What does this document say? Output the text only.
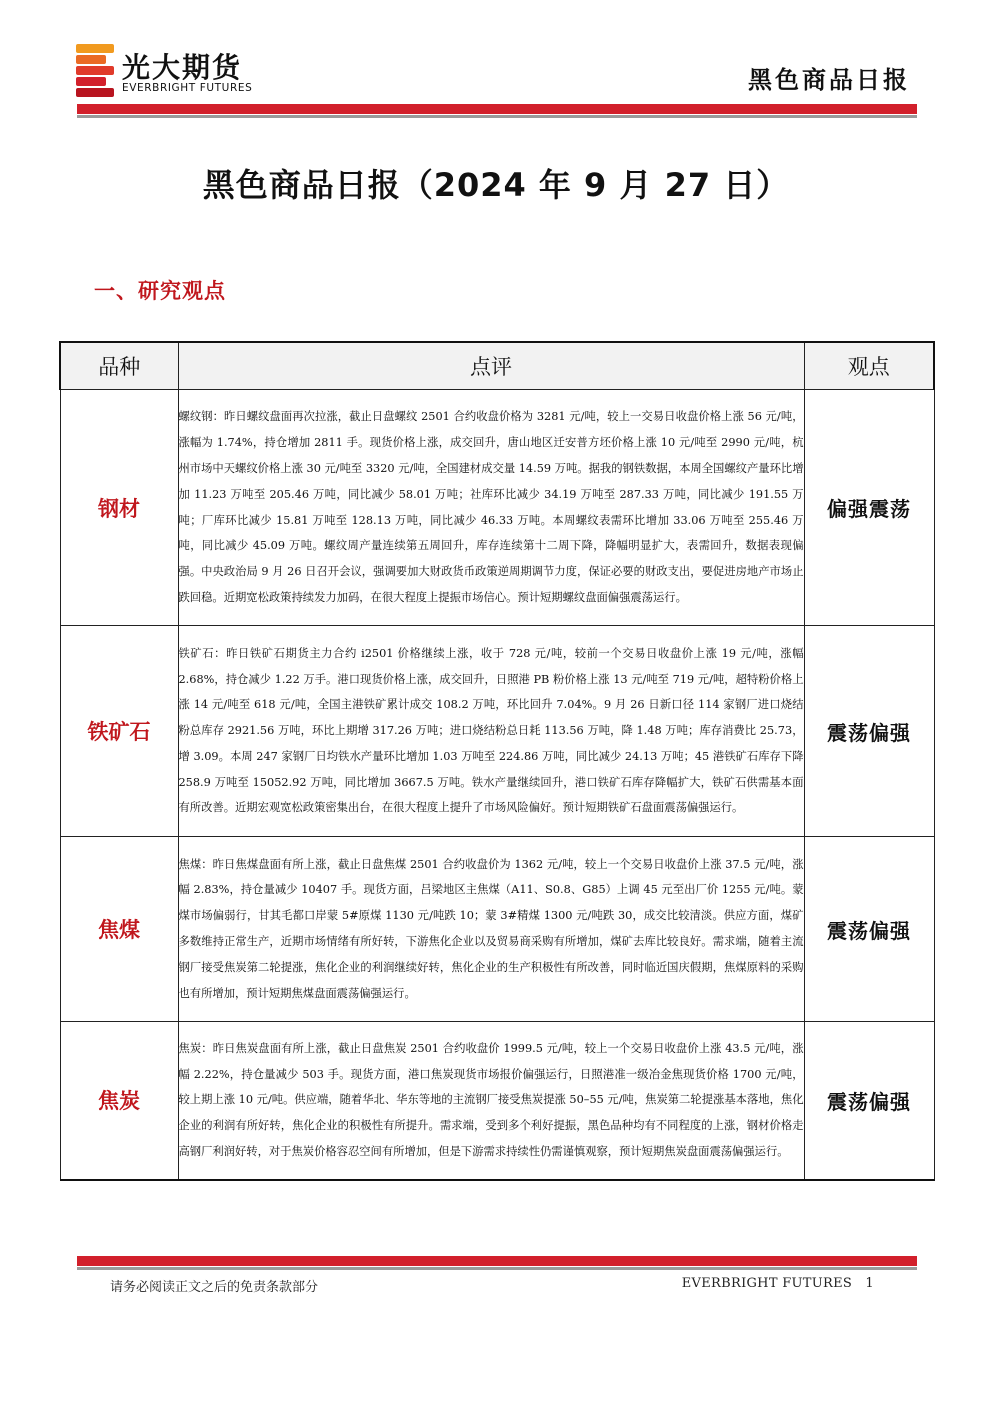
光大期货
EVERBRIGHT FUTURES	黑色商品日报
黑色商品日报（2024 年 9 月 27 日）
一、研究观点
品种	点评	观点
钢材	螺纹钢：昨日螺纹盘面再次拉涨，截止日盘螺纹 2501 合约收盘价格为 3281 元/吨，较上一交易日收盘价格上涨 56 元/吨，涨幅为 1.74%，持仓增加 2811 手。现货价格上涨，成交回升，唐山地区迁安普方坯价格上涨 10 元/吨至 2990 元/吨，杭州市场中天螺纹价格上涨 30 元/吨至 3320 元/吨，全国建材成交量 14.59 万吨。据我的钢铁数据，本周全国螺纹产量环比增加 11.23 万吨至 205.46 万吨，同比减少 58.01 万吨；社库环比减少 34.19 万吨至 287.33 万吨，同比减少 191.55 万吨；厂库环比减少 15.81 万吨至 128.13 万吨，同比减少 46.33 万吨。本周螺纹表需环比增加 33.06 万吨至 255.46 万吨，同比减少 45.09 万吨。螺纹周产量连续第五周回升，库存连续第十二周下降，降幅明显扩大，表需回升，数据表现偏强。中央政治局 9 月 26 日召开会议，强调要加大财政货币政策逆周期调节力度，保证必要的财政支出，要促进房地产市场止跌回稳。近期宽松政策持续发力加码，在很大程度上提振市场信心。预计短期螺纹盘面偏强震荡运行。	偏强震荡
铁矿石	铁矿石：昨日铁矿石期货主力合约 i2501 价格继续上涨，收于 728 元/吨，较前一个交易日收盘价上涨 19 元/吨，涨幅 2.68%，持仓减少 1.22 万手。港口现货价格上涨，成交回升，日照港 PB 粉价格上涨 13 元/吨至 719 元/吨，超特粉价格上涨 14 元/吨至 618 元/吨，全国主港铁矿累计成交 108.2 万吨，环比回升 7.04%。9 月 26 日新口径 114 家钢厂进口烧结粉总库存 2921.56 万吨，环比上期增 317.26 万吨；进口烧结粉总日耗 113.56 万吨，降 1.48 万吨；库存消费比 25.73，增 3.09。本周 247 家钢厂日均铁水产量环比增加 1.03 万吨至 224.86 万吨，同比减少 24.13 万吨；45 港铁矿石库存下降 258.9 万吨至 15052.92 万吨，同比增加 3667.5 万吨。铁水产量继续回升，港口铁矿石库存降幅扩大，铁矿石供需基本面有所改善。近期宏观宽松政策密集出台，在很大程度上提升了市场风险偏好。预计短期铁矿石盘面震荡偏强运行。	震荡偏强
焦煤	焦煤：昨日焦煤盘面有所上涨，截止日盘焦煤 2501 合约收盘价为 1362 元/吨，较上一个交易日收盘价上涨 37.5 元/吨，涨幅 2.83%，持仓量减少 10407 手。现货方面，吕梁地区主焦煤（A11、S0.8、G85）上调 45 元至出厂价 1255 元/吨。蒙煤市场偏弱行，甘其毛都口岸蒙 5#原煤 1130 元/吨跌 10；蒙 3#精煤 1300 元/吨跌 30，成交比较清淡。供应方面，煤矿多数维持正常生产，近期市场情绪有所好转，下游焦化企业以及贸易商采购有所增加，煤矿去库比较良好。需求端，随着主流钢厂接受焦炭第二轮提涨，焦化企业的利润继续好转，焦化企业的生产积极性有所改善，同时临近国庆假期，焦煤原料的采购也有所增加，预计短期焦煤盘面震荡偏强运行。	震荡偏强
焦炭	焦炭：昨日焦炭盘面有所上涨，截止日盘焦炭 2501 合约收盘价 1999.5 元/吨，较上一个交易日收盘价上涨 43.5 元/吨，涨幅 2.22%，持仓量减少 503 手。现货方面，港口焦炭现货市场报价偏强运行，日照港准一级冶金焦现货价格 1700 元/吨，较上期上涨 10 元/吨。供应端，随着华北、华东等地的主流钢厂接受焦炭提涨 50–55 元/吨，焦炭第二轮提涨基本落地，焦化企业的利润有所好转，焦化企业的积极性有所提升。需求端，受到多个利好提振，黑色品种均有不同程度的上涨，钢材价格走高钢厂利润好转，对于焦炭价格容忍空间有所增加，但是下游需求持续性仍需谨慎观察，预计短期焦炭盘面震荡偏强运行。	震荡偏强
请务必阅读正文之后的免责条款部分	EVERBRIGHT FUTURES 1
